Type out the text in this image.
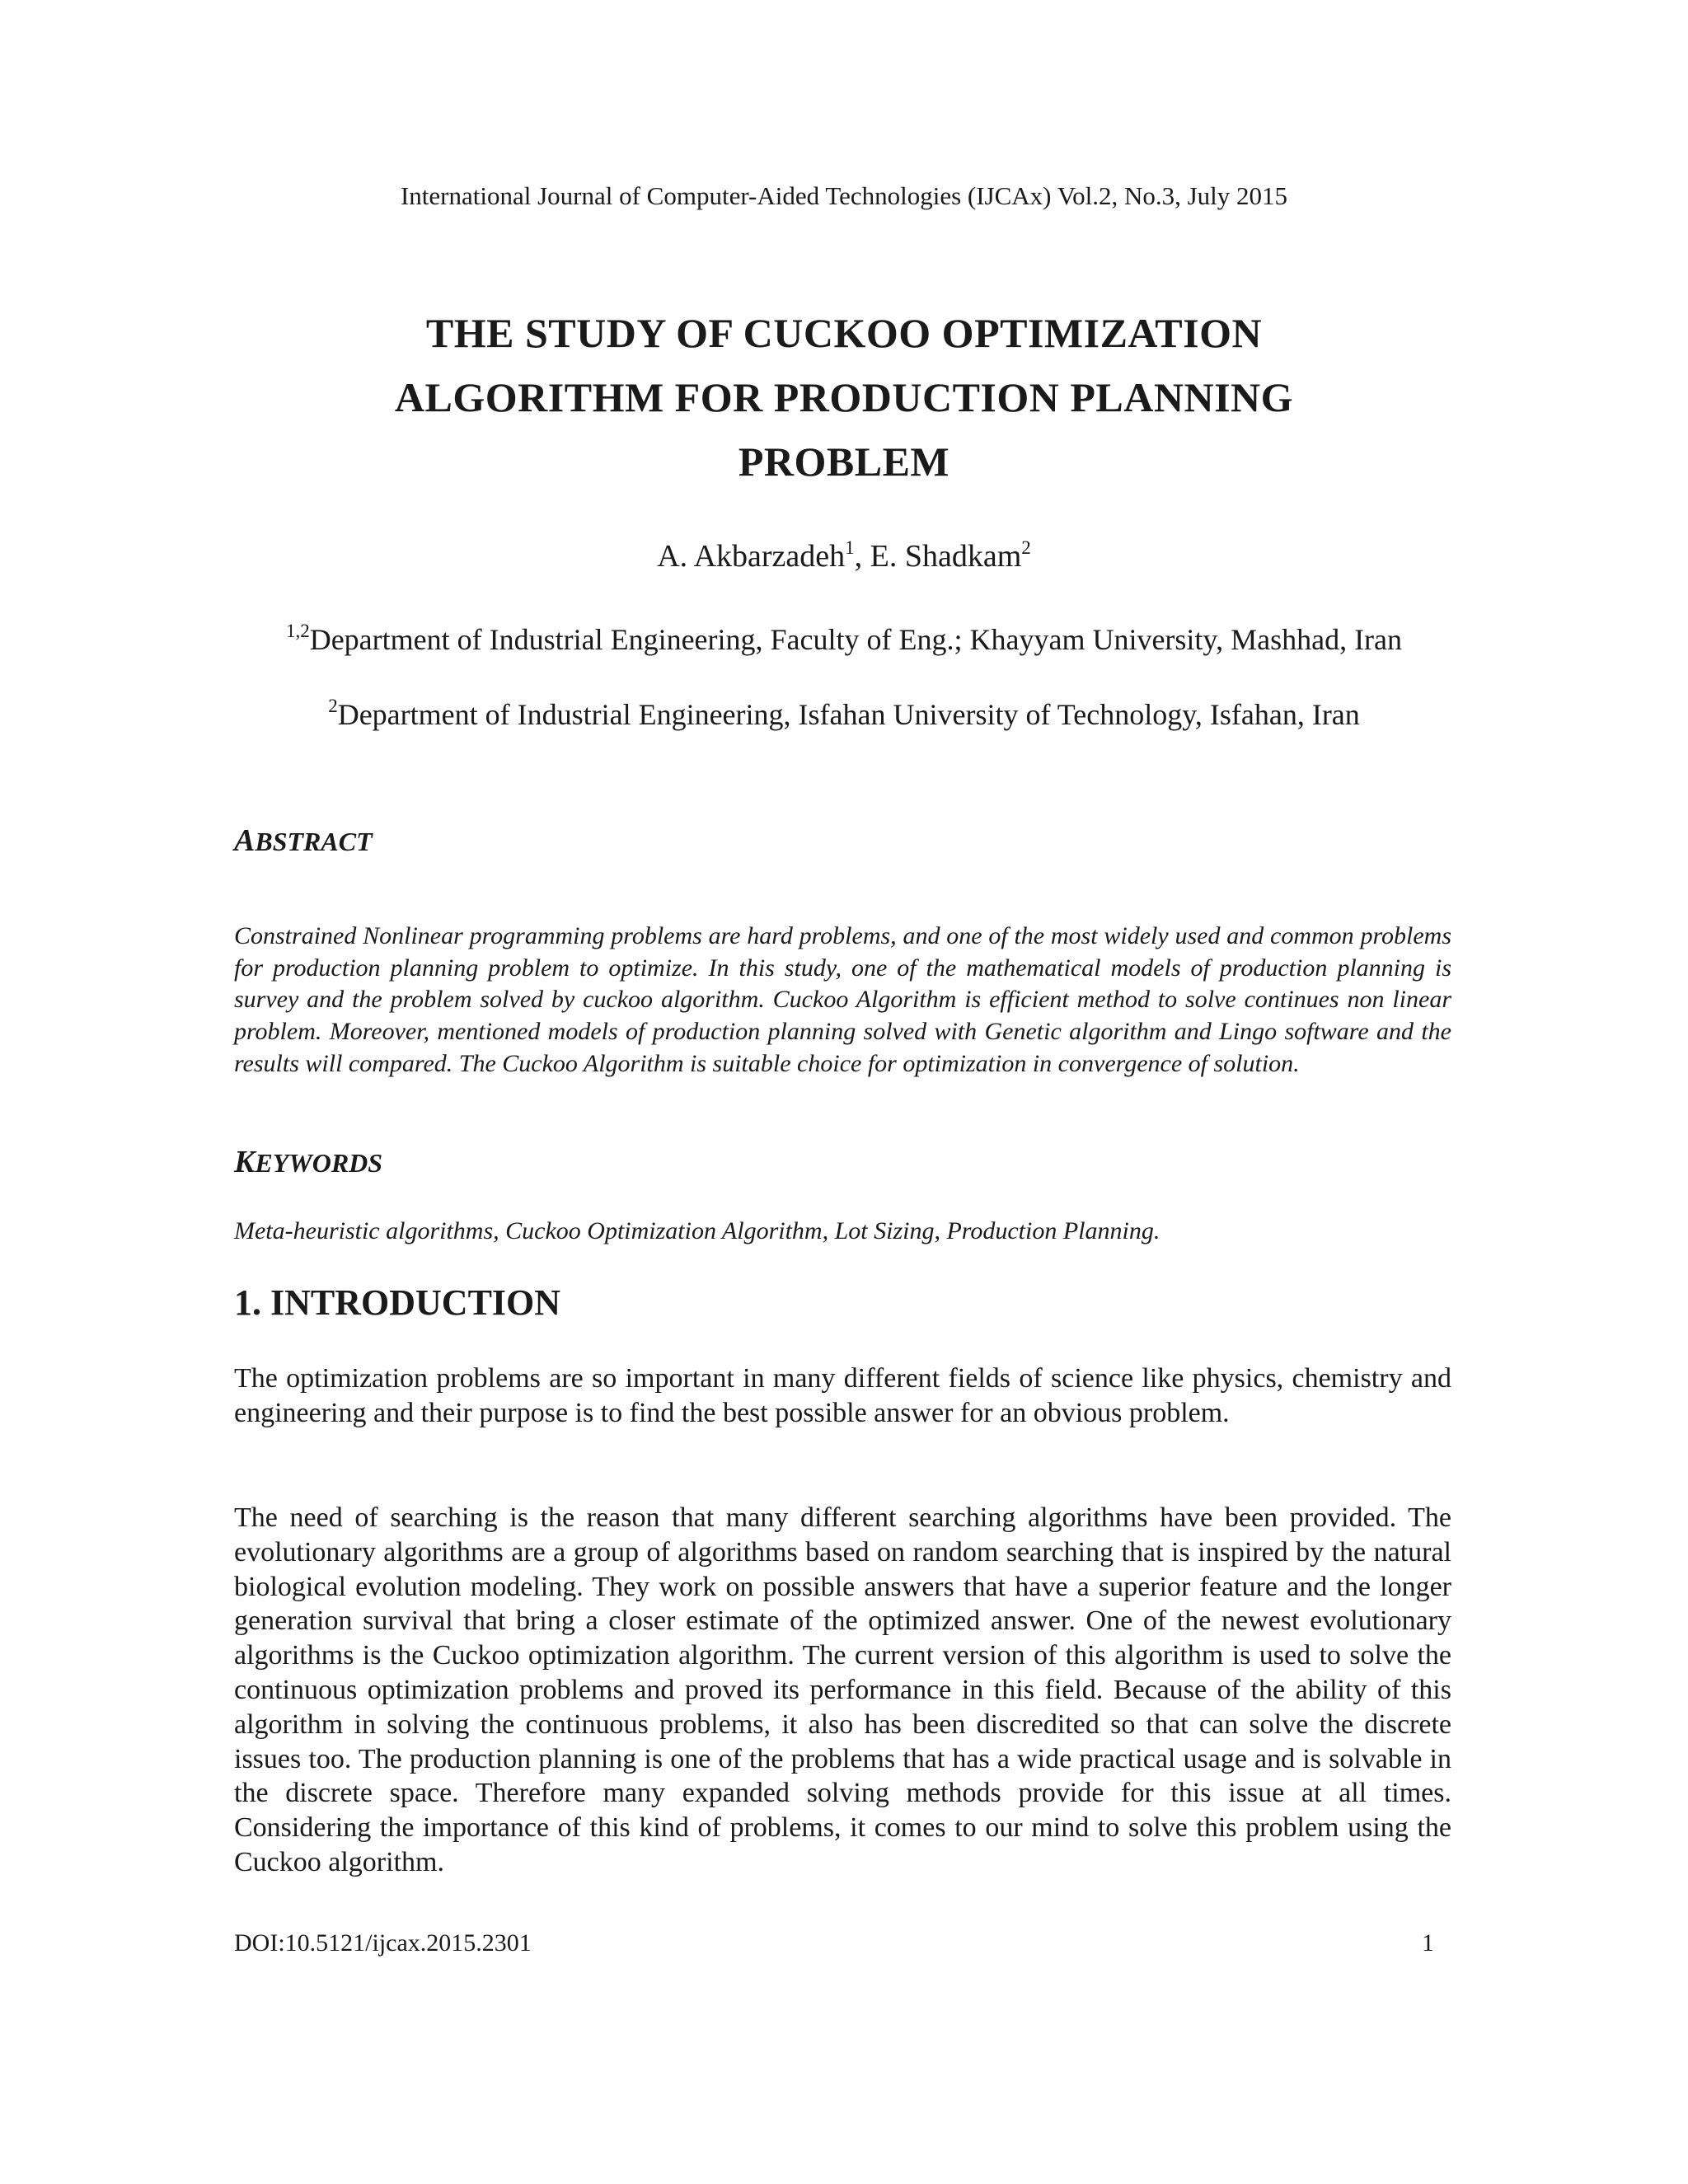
International Journal of Computer-Aided Technologies (IJCAx) Vol.2, No.3, July 2015
THE STUDY OF CUCKOO OPTIMIZATION
ALGORITHM FOR PRODUCTION PLANNING
PROBLEM
A. Akbarzadeh$^1$, E. Shadkam$^2$
$^{1,2}$Department of Industrial Engineering, Faculty of Eng.; Khayyam University, Mashhad, Iran
$^2$Department of Industrial Engineering, Isfahan University of Technology, Isfahan, Iran
ABSTRACT

Constrained Nonlinear programming problems are hard problems, and one of the most widely used and common problems for production planning problem to optimize. In this study, one of the mathematical models of production planning is survey and the problem solved by cuckoo algorithm. Cuckoo Algorithm is efficient method to solve continues non linear problem. Moreover, mentioned models of production planning solved with Genetic algorithm and Lingo software and the results will compared. The Cuckoo Algorithm is suitable choice for optimization in convergence of solution.

KEYWORDS

Meta-heuristic algorithms, Cuckoo Optimization Algorithm, Lot Sizing, Production Planning.

1. INTRODUCTION

The optimization problems are so important in many different fields of science like physics, chemistry and engineering and their purpose is to find the best possible answer for an obvious problem.

The need of searching is the reason that many different searching algorithms have been provided. The evolutionary algorithms are a group of algorithms based on random searching that is inspired by the natural biological evolution modeling. They work on possible answers that have a superior feature and the longer generation survival that bring a closer estimate of the optimized answer. One of the newest evolutionary algorithms is the Cuckoo optimization algorithm. The current version of this algorithm is used to solve the continuous optimization problems and proved its performance in this field. Because of the ability of this algorithm in solving the continuous problems, it also has been discredited so that can solve the discrete issues too. The production planning is one of the problems that has a wide practical usage and is solvable in the discrete space. Therefore many expanded solving methods provide for this issue at all times. Considering the importance of this kind of problems, it comes to our mind to solve this problem using the Cuckoo algorithm.

DOI:10.5121/ijcax.2015.2301	1
